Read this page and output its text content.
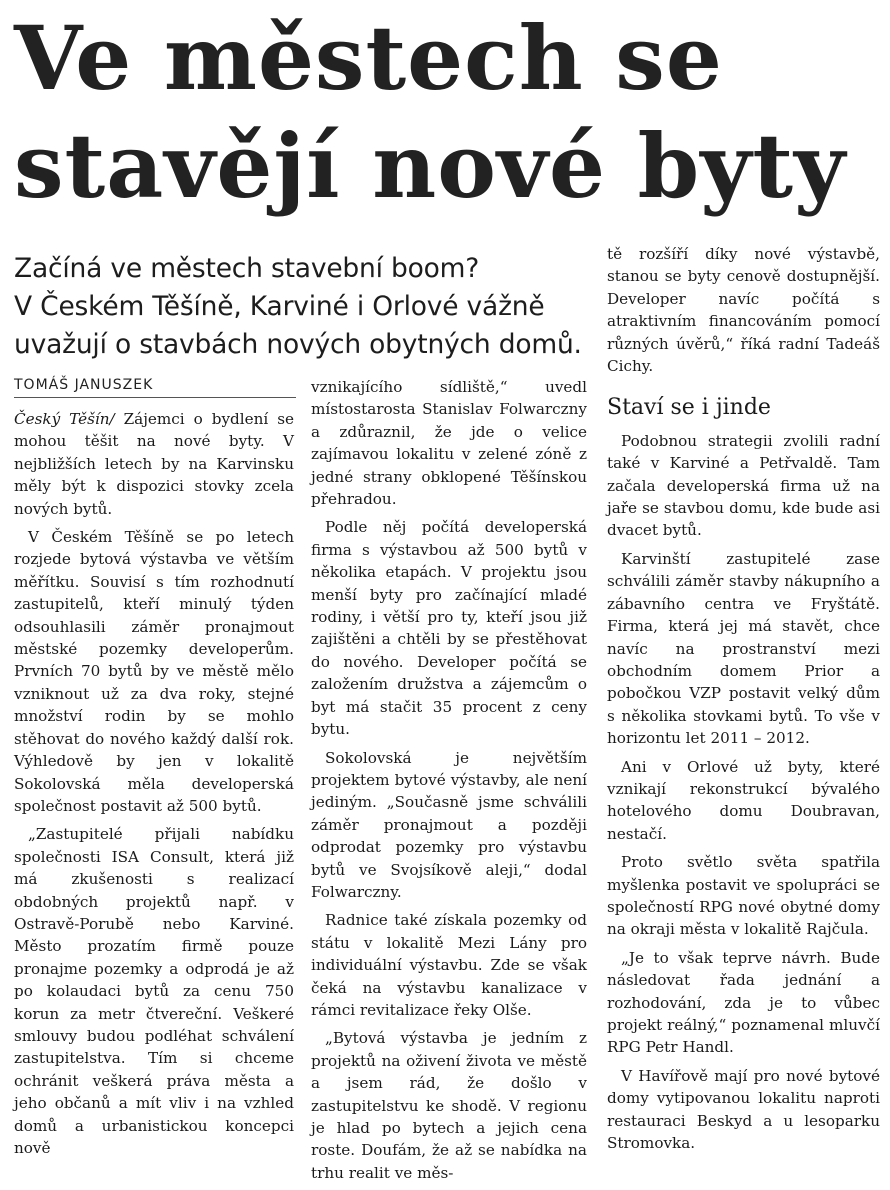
Ve městech se
stavějí nové byty
Začíná ve městech stavební boom?
V Českém Těšíně, Karviné i Orlové vážně
uvažují o stavbách nových obytných domů.
TOMÁŠ JANUSZEK

Český Těšín/ Zájemci o bydlení se mohou těšit na nové byty. V nejbližších letech by na Karvinsku měly být k dispozici stovky zcela nových bytů.

V Českém Těšíně se po letech rozjede bytová výstavba ve větším měřítku. Souvisí s tím rozhodnutí zastupitelů, kteří minulý týden odsouhlasili záměr pronajmout městské pozemky developerům. Prvních 70 bytů by ve městě mělo vzniknout už za dva roky, stejné množství rodin by se mohlo stěhovat do nového každý další rok. Výhledově by jen v lokalitě Sokolovská měla developerská společnost postavit až 500 bytů.

„Zastupitelé přijali nabídku společnosti ISA Consult, která již má zkušenosti s realizací obdobných projektů např. v Ostravě-Porubě nebo Karviné. Město prozatím firmě pouze pronajme pozemky a odprodá je až po kolaudaci bytů za cenu 750 korun za metr čtvereční. Veškeré smlouvy budou podléhat schválení zastupitelstva. Tím si chceme ochránit veškerá práva města a jeho občanů a mít vliv i na vzhled domů a urbanistickou koncepci nově

vznikajícího sídliště,“ uvedl místostarosta Stanislav Folwarczny a zdůraznil, že jde o velice zajímavou lokalitu v zelené zóně z jedné strany obklopené Těšínskou přehradou.

Podle něj počítá developerská firma s výstavbou až 500 bytů v několika etapách. V projektu jsou menší byty pro začínající mladé rodiny, i větší pro ty, kteří jsou již zajištěni a chtěli by se přestěhovat do nového. Developer počítá se založením družstva a zájemcům o byt má stačit 35 procent z ceny bytu.

Sokolovská je největším projektem bytové výstavby, ale není jediným. „Současně jsme schválili záměr pronajmout a později odprodat pozemky pro výstavbu bytů ve Svojsíkově aleji,“ dodal Folwarczny.

Radnice také získala pozemky od státu v lokalitě Mezi Lány pro individuální výstavbu. Zde se však čeká na výstavbu kanalizace v rámci revitalizace řeky Olše.

„Bytová výstavba je jedním z projektů na oživení života ve městě a jsem rád, že došlo v zastupitelstvu ke shodě. V regionu je hlad po bytech a jejich cena roste. Doufám, že až se nabídka na trhu realit ve měs-

tě rozšíří díky nové výstavbě, stanou se byty cenově dostupnější. Developer navíc počítá s atraktivním financováním pomocí různých úvěrů,“ říká radní Tadeáš Cichy.

Staví se i jinde

Podobnou strategii zvolili radní také v Karviné a Petřvaldě. Tam začala developerská firma už na jaře se stavbou domu, kde bude asi dvacet bytů.

Karvinští zastupitelé zase schválili záměr stavby nákupního a zábavního centra ve Fryštátě. Firma, která jej má stavět, chce navíc na prostranství mezi obchodním domem Prior a pobočkou VZP postavit velký dům s několika stovkami bytů. To vše v horizontu let 2011 – 2012.

Ani v Orlové už byty, které vznikají rekonstrukcí bývalého hotelového domu Doubravan, nestačí.

Proto světlo světa spatřila myšlenka postavit ve spolupráci se společností RPG nové obytné domy na okraji města v lokalitě Rajčula.

„Je to však teprve návrh. Bude následovat řada jednání a rozhodování, zda je to vůbec projekt reálný,“ poznamenal mluvčí RPG Petr Handl.

V Havířově mají pro nové bytové domy vytipovanou lokalitu naproti restauraci Beskyd a u lesoparku Stromovka.
